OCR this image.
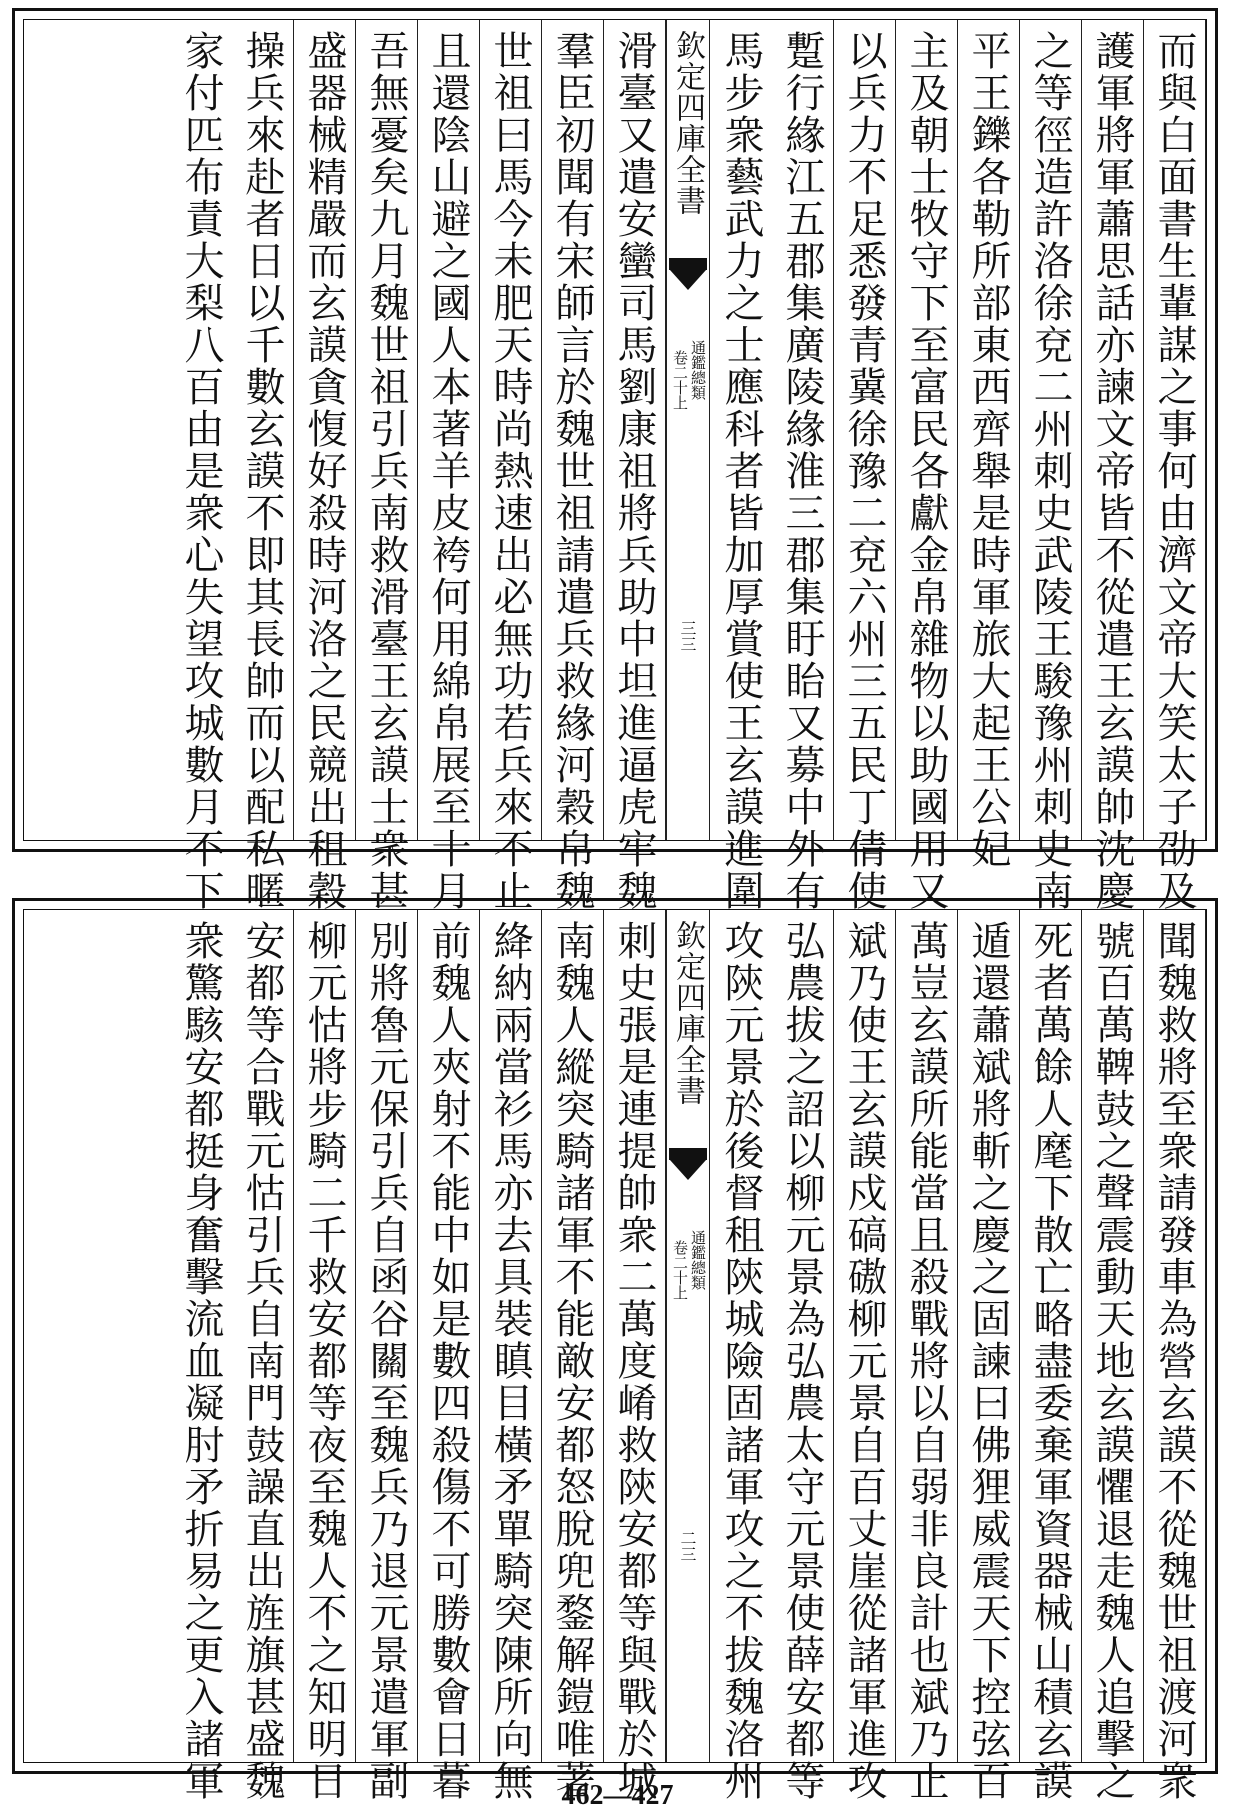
而與白面書生輩謀之事何由濟文帝大笑太子劭及
護軍將軍蕭思話亦諫文帝皆不從遣王玄謨帥沈慶
之等徑造許洛徐兗二州刺史武陵王駿豫州刺史南
平王鑠各勒所部東西齊舉是時軍旅大起王公妃
主及朝士牧守下至富民各獻金帛雜物以助國用又
以兵力不足悉發青冀徐豫二兗六州三五民丁倩使
蹔行緣江五郡集廣陵緣淮三郡集盱眙又募中外有
馬步衆藝武力之士應科者皆加厚賞使王玄謨進圍
欽定四庫全書
通鑑總類
卷二十上
三三
滑臺又遣安蠻司馬劉康祖將兵助中坦進逼虎牢魏
羣臣初聞有宋師言於魏世祖請遣兵救緣河穀帛魏
世祖曰馬今未肥天時尚熱速出必無功若兵來不止
且還陰山避之國人本著羊皮袴何用綿帛展至十月
吾無憂矣九月魏世祖引兵南救滑臺王玄謨士衆甚
盛器械精嚴而玄謨貪愎好殺時河洛之民競出租穀
操兵來赴者日以千數玄謨不即其長帥而以配私暱
家付匹布責大梨八百由是衆心失望攻城數月不下
聞魏救將至衆請發車為營玄謨不從魏世祖渡河衆
號百萬鞞鼓之聲震動天地玄謨懼退走魏人追擊之
死者萬餘人麾下散亡略盡委棄軍資器械山積玄謨
遁還蕭斌將斬之慶之固諫曰佛狸威震天下控弦百
萬豈玄謨所能當且殺戰將以自弱非良計也斌乃止
斌乃使王玄謨戍碻磝柳元景自百丈崖從諸軍進攻
弘農拔之詔以柳元景為弘農太守元景使薛安都等
攻陝元景於後督租陝城險固諸軍攻之不拔魏洛州
欽定四庫全書
通鑑總類
卷二十上
二三
刺史張是連提帥衆二萬度崤救陝安都等與戰於城
南魏人縱突騎諸軍不能敵安都怒脫兜鍪解鎧唯著
絳納兩當衫馬亦去具裝瞋目橫矛單騎突陳所向無
前魏人夾射不能中如是數四殺傷不可勝數會日暮
別將魯元保引兵自函谷關至魏兵乃退元景遣軍副
柳元怙將步騎二千救安都等夜至魏人不之知明日
安都等合戰元怙引兵自南門鼓譟直出旌旗甚盛魏
衆驚駭安都挺身奮擊流血凝肘矛折易之更入諸軍	462—427
